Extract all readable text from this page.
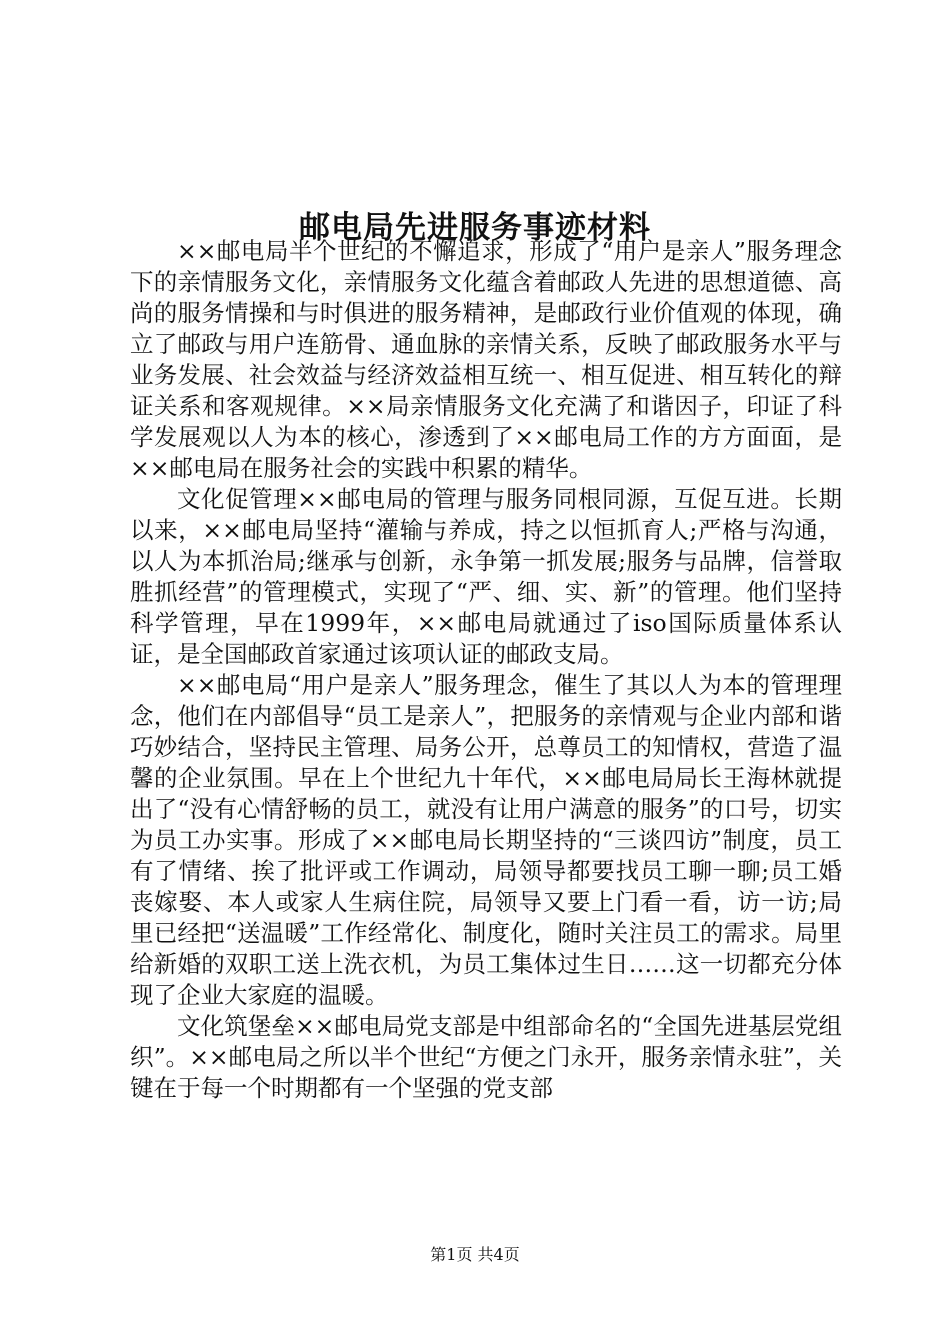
邮电局先进服务事迹材料

××邮电局半个世纪的不懈追求，形成了“用户是亲人”服务理念下的亲情服务文化，亲情服务文化蕴含着邮政人先进的思想道德、高尚的服务情操和与时俱进的服务精神，是邮政行业价值观的体现，确立了邮政与用户连筋骨、通血脉的亲情关系，反映了邮政服务水平与业务发展、社会效益与经济效益相互统一、相互促进、相互转化的辩证关系和客观规律。××局亲情服务文化充满了和谐因子，印证了科学发展观以人为本的核心，渗透到了××邮电局工作的方方面面，是××邮电局在服务社会的实践中积累的精华。

文化促管理××邮电局的管理与服务同根同源，互促互进。长期以来，××邮电局坚持“灌输与养成，持之以恒抓育人;严格与沟通，以人为本抓治局;继承与创新，永争第一抓发展;服务与品牌，信誉取胜抓经营”的管理模式，实现了“严、细、实、新”的管理。他们坚持科学管理，早在1999年，××邮电局就通过了iso国际质量体系认证，是全国邮政首家通过该项认证的邮政支局。

××邮电局“用户是亲人”服务理念，催生了其以人为本的管理理念，他们在内部倡导“员工是亲人”，把服务的亲情观与企业内部和谐巧妙结合，坚持民主管理、局务公开，总尊员工的知情权，营造了温馨的企业氛围。早在上个世纪九十年代，××邮电局局长王海林就提出了“没有心情舒畅的员工，就没有让用户满意的服务”的口号，切实为员工办实事。形成了××邮电局长期坚持的“三谈四访”制度，员工有了情绪、挨了批评或工作调动，局领导都要找员工聊一聊;员工婚丧嫁娶、本人或家人生病住院，局领导又要上门看一看，访一访;局里已经把“送温暖”工作经常化、制度化，随时关注员工的需求。局里给新婚的双职工送上洗衣机，为员工集体过生日……这一切都充分体现了企业大家庭的温暖。

文化筑堡垒××邮电局党支部是中组部命名的“全国先进基层党组织”。××邮电局之所以半个世纪“方便之门永开，服务亲情永驻”，关键在于每一个时期都有一个坚强的党支部

第1页 共4页
